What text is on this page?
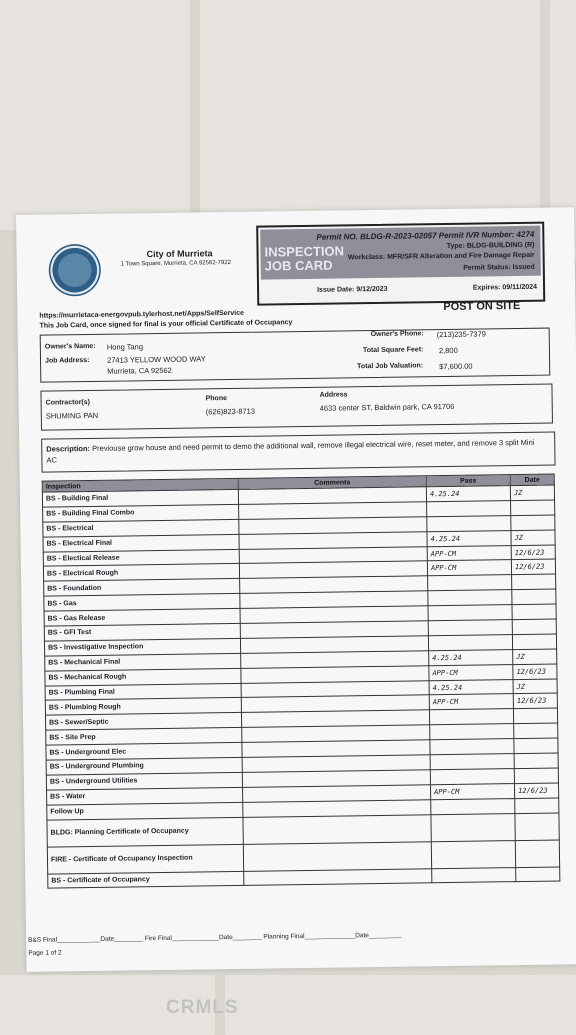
City of Murrieta
1 Town Square, Murrieta, CA 92562-7922
Permit NO. BLDG-R-2023-02057 Permit IVR Number: 4274
INSPECTION JOB CARD
Type: BLDG-BUILDING (R)
Workclass: MFR/SFR Alteration and Fire Damage Repair
Permit Status: Issued
Issue Date: 9/12/2023	Expires: 09/11/2024
https://murrietaca-energovpub.tylerhost.net/Apps/SelfService
This Job Card, once signed for final is your official Certificate of Occupancy
POST ON SITE
Owner's Name: Hong Tang
Job Address: 27413 YELLOW WOOD WAY
Murrieta, CA 92562
Owner's Phone: (213)235-7379
Total Square Feet: 2,800
Total Job Valuation: $7,600.00
Contractor(s)
SHUMING PAN
Phone
(626)823-8713
Address
4633 center ST, Baldwin park, CA 91706
Description: Previouse grow house and need permit to demo the additional wall, remove illegal electrical wire, reset meter, and remove 3 split Mini AC
Inspection	Comments	Pass	Date
BS - Building Final		4.25.24	JZ
BS - Building Final Combo			
BS - Electrical			
BS - Electrical Final		4.25.24	JZ
BS - Electical Release		APP-CM	12/6/23
BS - Electrical Rough		APP-CM	12/6/23
BS - Foundation			
BS - Gas			
BS - Gas Release			
BS - GFI Test			
BS - Investigative Inspection			
BS - Mechanical Final		4.25.24	JZ
BS - Mechanical Rough		APP-CM	12/6/23
BS - Plumbing Final		4.25.24	JZ
BS - Plumbing Rough		APP-CM	12/6/23
BS - Sewer/Septic			
BS - Site Prep			
BS - Underground Elec			
BS - Underground Plumbing			
BS - Underground Utilities			
BS - Water		APP-CM	12/6/23
Follow Up			
BLDG: Planning Certificate of Occupancy			
FIRE - Certificate of Occupancy Inspection			
BS - Certificate of Occupancy			
B&S Final____________Date________ Fire Final_____________Date________ Planning Final______________Date_________
Page 1 of 2
CRMLS
